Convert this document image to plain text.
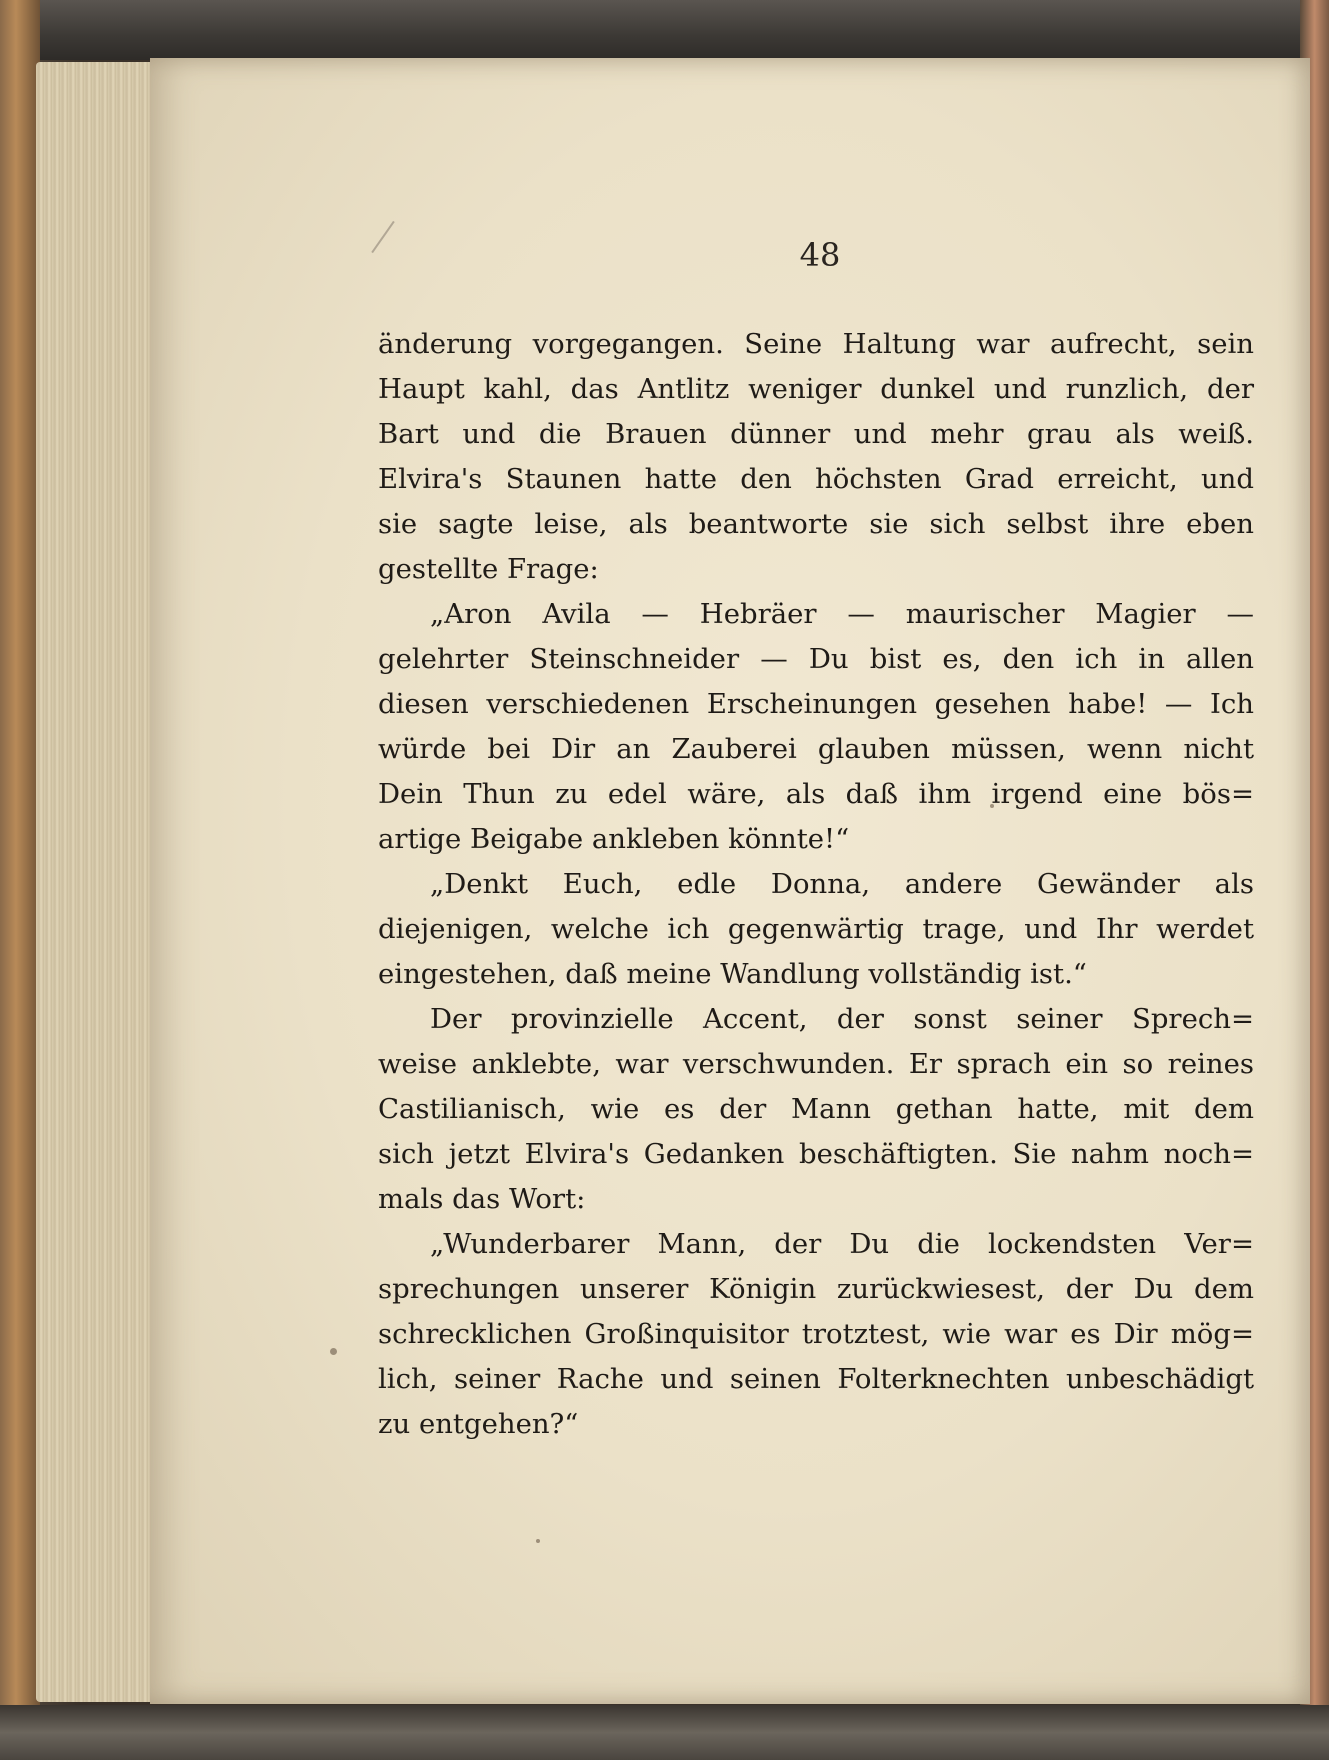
48
änderung vorgegangen. Seine Haltung war aufrecht, sein
Haupt kahl, das Antlitz weniger dunkel und runzlich, der
Bart und die Brauen dünner und mehr grau als weiß.
Elvira's Staunen hatte den höchsten Grad erreicht, und
sie sagte leise, als beantworte sie sich selbst ihre eben
gestellte Frage:
„Aron Avila — Hebräer — maurischer Magier —
gelehrter Steinschneider — Du bist es, den ich in allen
diesen verschiedenen Erscheinungen gesehen habe! — Ich
würde bei Dir an Zauberei glauben müssen, wenn nicht
Dein Thun zu edel wäre, als daß ihm irgend eine bös=
artige Beigabe ankleben könnte!“
„Denkt Euch, edle Donna, andere Gewänder als
diejenigen, welche ich gegenwärtig trage, und Ihr werdet
eingestehen, daß meine Wandlung vollständig ist.“
Der provinzielle Accent, der sonst seiner Sprech=
weise anklebte, war verschwunden. Er sprach ein so reines
Castilianisch, wie es der Mann gethan hatte, mit dem
sich jetzt Elvira's Gedanken beschäftigten. Sie nahm noch=
mals das Wort:
„Wunderbarer Mann, der Du die lockendsten Ver=
sprechungen unserer Königin zurückwiesest, der Du dem
schrecklichen Großinquisitor trotztest, wie war es Dir mög=
lich, seiner Rache und seinen Folterknechten unbeschädigt
zu entgehen?“
